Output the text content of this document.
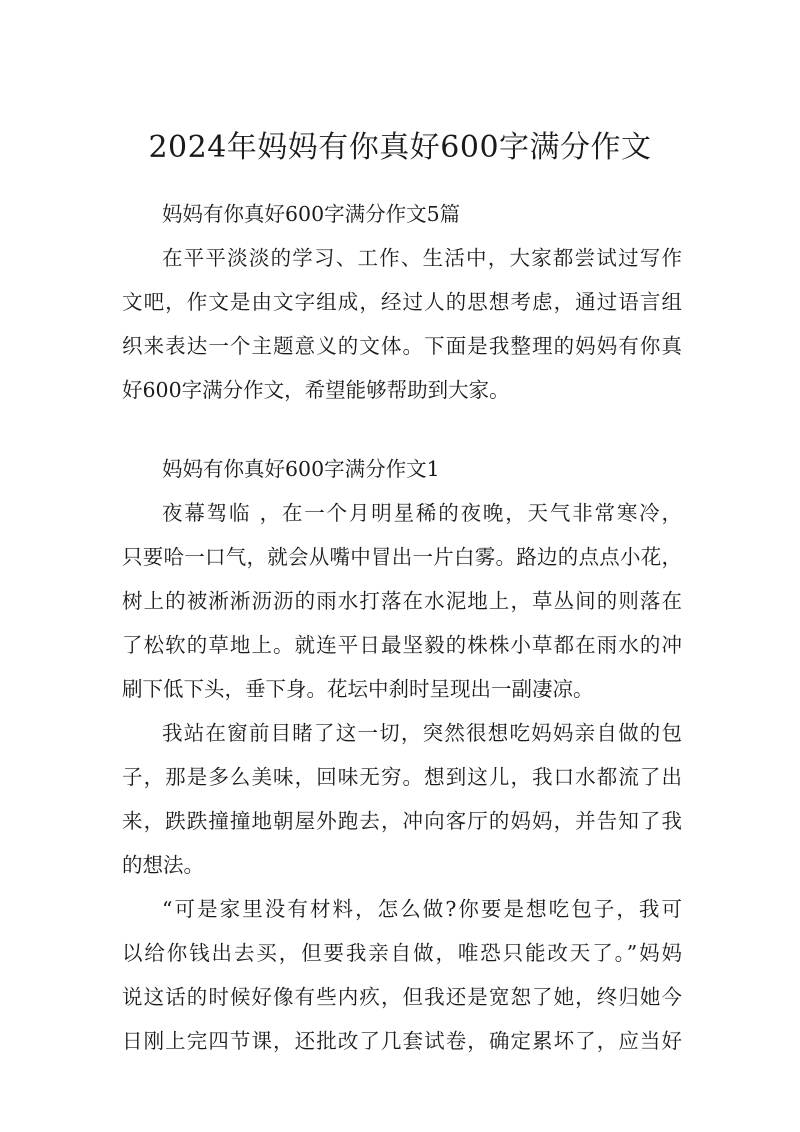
2024年妈妈有你真好600字满分作文
妈妈有你真好600字满分作文5篇
在平平淡淡的学习、工作、生活中，大家都尝试过写作
文吧，作文是由文字组成，经过人的思想考虑，通过语言组
织来表达一个主题意义的文体。下面是我整理的妈妈有你真
好600字满分作文，希望能够帮助到大家。
妈妈有你真好600字满分作文1
夜幕驾临 ，在一个月明星稀的夜晚，天气非常寒冷，
只要哈一口气，就会从嘴中冒出一片白雾。路边的点点小花，
树上的被淅淅沥沥的雨水打落在水泥地上，草丛间的则落在
了松软的草地上。就连平日最坚毅的株株小草都在雨水的冲
刷下低下头，垂下身。花坛中刹时呈现出一副凄凉。
我站在窗前目睹了这一切，突然很想吃妈妈亲自做的包
子，那是多么美味，回味无穷。想到这儿，我口水都流了出
来，跌跌撞撞地朝屋外跑去，冲向客厅的妈妈，并告知了我
的想法。
“可是家里没有材料，怎么做?你要是想吃包子，我可
以给你钱出去买，但要我亲自做，唯恐只能改天了。”妈妈
说这话的时候好像有些内疚，但我还是宽恕了她，终归她今
日刚上完四节课，还批改了几套试卷，确定累坏了，应当好
